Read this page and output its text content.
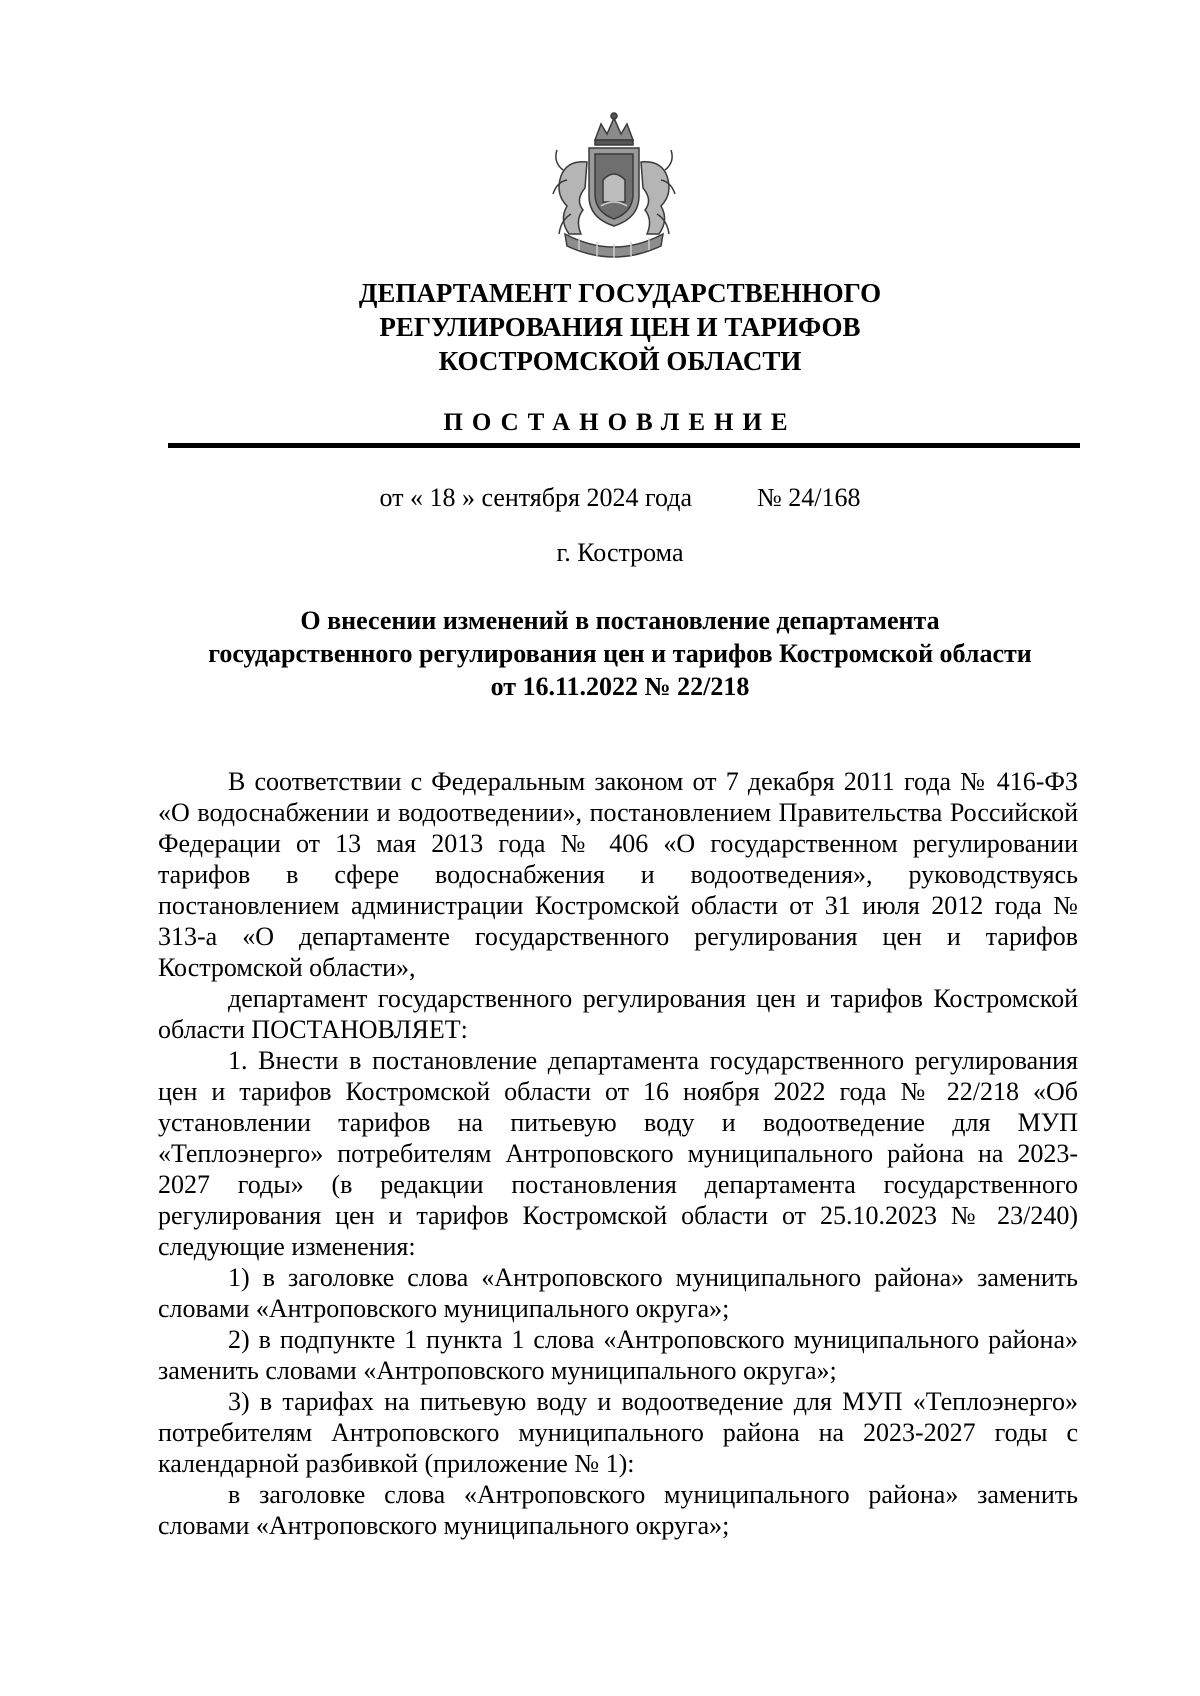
ДЕПАРТАМЕНТ ГОСУДАРСТВЕННОГО
РЕГУЛИРОВАНИЯ ЦЕН И ТАРИФОВ
КОСТРОМСКОЙ ОБЛАСТИ
ПОСТАНОВЛЕНИЕ
от « 18 » сентября 2024 года	№ 24/168
г. Кострома
О внесении изменений в постановление департамента
государственного регулирования цен и тарифов Костромской области
от 16.11.2022 № 22/218

В соответствии с Федеральным законом от 7 декабря 2011 года № 416-ФЗ «О водоснабжении и водоотведении», постановлением Правительства Российской Федерации от 13 мая 2013 года № 406 «О государственном регулировании тарифов в сфере водоснабжения и водоотведения», руководствуясь постановлением администрации Костромской области от 31 июля 2012 года № 313-а «О департаменте государственного регулирования цен и тарифов Костромской области»,

департамент государственного регулирования цен и тарифов Костромской области ПОСТАНОВЛЯЕТ:

1. Внести в постановление департамента государственного регулирования цен и тарифов Костромской области от 16 ноября 2022 года № 22/218 «Об установлении тарифов на питьевую воду и водоотведение для МУП «Теплоэнерго» потребителям Антроповского муниципального района на 2023-2027 годы» (в редакции постановления департамента государственного регулирования цен и тарифов Костромской области от 25.10.2023 № 23/240) следующие изменения:

1) в заголовке слова «Антроповского муниципального района» заменить словами «Антроповского муниципального округа»;

2) в подпункте 1 пункта 1 слова «Антроповского муниципального района» заменить словами «Антроповского муниципального округа»;

3) в тарифах на питьевую воду и водоотведение для МУП «Теплоэнерго» потребителям Антроповского муниципального района на 2023-2027 годы с календарной разбивкой (приложение № 1):

в заголовке слова «Антроповского муниципального района» заменить словами «Антроповского муниципального округа»;
